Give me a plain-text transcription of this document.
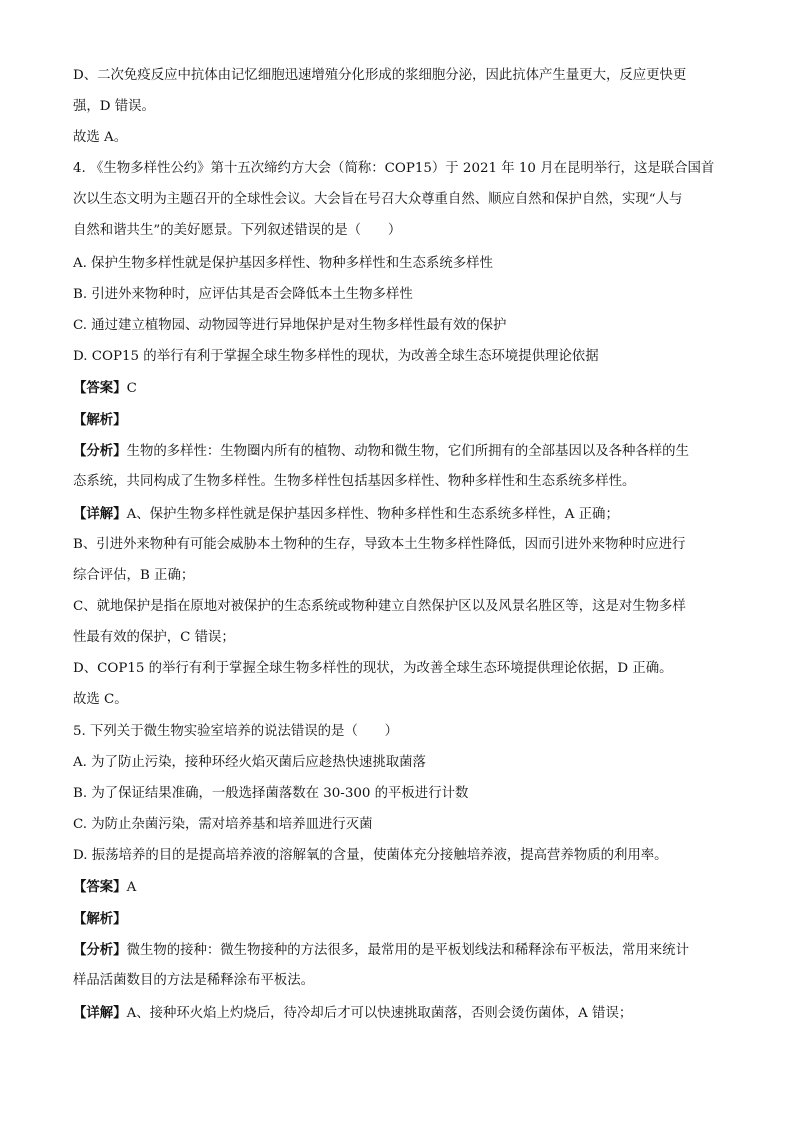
D、二次免疫反应中抗体由记忆细胞迅速增殖分化形成的浆细胞分泌，因此抗体产生量更大，反应更快更
强，D 错误。
故选 A。
4. 《生物多样性公约》第十五次缔约方大会（简称：COP15）于 2021 年 10 月在昆明举行，这是联合国首
次以生态文明为主题召开的全球性会议。大会旨在号召大众尊重自然、顺应自然和保护自然，实现“人与
自然和谐共生”的美好愿景。下列叙述错误的是（　　）
A. 保护生物多样性就是保护基因多样性、物种多样性和生态系统多样性
B. 引进外来物种时，应评估其是否会降低本土生物多样性
C. 通过建立植物园、动物园等进行异地保护是对生物多样性最有效的保护
D. COP15 的举行有利于掌握全球生物多样性的现状，为改善全球生态环境提供理论依据
【答案】C
【解析】
【分析】生物的多样性：生物圈内所有的植物、动物和微生物，它们所拥有的全部基因以及各种各样的生
态系统，共同构成了生物多样性。生物多样性包括基因多样性、物种多样性和生态系统多样性。
【详解】A、保护生物多样性就是保护基因多样性、物种多样性和生态系统多样性，A 正确；
B、引进外来物种有可能会威胁本土物种的生存，导致本土生物多样性降低，因而引进外来物种时应进行
综合评估，B 正确；
C、就地保护是指在原地对被保护的生态系统或物种建立自然保护区以及风景名胜区等，这是对生物多样
性最有效的保护，C 错误；
D、COP15 的举行有利于掌握全球生物多样性的现状，为改善全球生态环境提供理论依据，D 正确。
故选 C。
5. 下列关于微生物实验室培养的说法错误的是（　　）
A. 为了防止污染，接种环经火焰灭菌后应趁热快速挑取菌落
B. 为了保证结果准确，一般选择菌落数在 30-300 的平板进行计数
C. 为防止杂菌污染，需对培养基和培养皿进行灭菌
D. 振荡培养的目的是提高培养液的溶解氧的含量，使菌体充分接触培养液，提高营养物质的利用率。
【答案】A
【解析】
【分析】微生物的接种：微生物接种的方法很多，最常用的是平板划线法和稀释涂布平板法，常用来统计
样品活菌数目的方法是稀释涂布平板法。
【详解】A、接种环火焰上灼烧后，待冷却后才可以快速挑取菌落，否则会烫伤菌体，A 错误；
